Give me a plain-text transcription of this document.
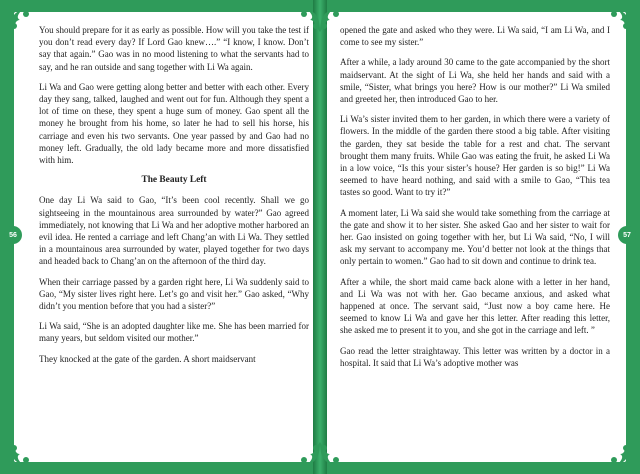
56	57

You should prepare for it as early as possible. How will you take the test if you don’t read every day? If Lord Gao knew….” “I know, I know. Don’t say that again.” Gao was in no mood listening to what the servants had to say, and he ran outside and sang together with Li Wa again.

Li Wa and Gao were getting along better and better with each other. Every day they sang, talked, laughed and went out for fun. Although they spent a lot of time on these, they spent a huge sum of money. Gao spent all the money he brought from his home, so later he had to sell his horse, his carriage and even his two servants. One year passed by and Gao had no money left. Gradually, the old lady became more and more dissatisfied with him.

The Beauty Left

One day Li Wa said to Gao, “It’s been cool recently. Shall we go sightseeing in the mountainous area surrounded by water?” Gao agreed immediately, not knowing that Li Wa and her adoptive mother harbored an evil idea. He rented a carriage and left Chang’an with Li Wa. They settled in a mountainous area surrounded by water, played together for two days and headed back to Chang’an on the afternoon of the third day.

When their carriage passed by a garden right here, Li Wa suddenly said to Gao, “My sister lives right here. Let’s go and visit her.” Gao asked, “Why didn’t you mention before that you had a sister?”

Li Wa said, “She is an adopted daughter like me. She has been married for many years, but seldom visited our mother.”

They knocked at the gate of the garden. A short maidservant

opened the gate and asked who they were. Li Wa said, “I am Li Wa, and I come to see my sister.”

After a while, a lady around 30 came to the gate accompanied by the short maidservant. At the sight of Li Wa, she held her hands and said with a smile, “Sister, what brings you here? How is our mother?” Li Wa smiled and greeted her, then introduced Gao to her.

Li Wa’s sister invited them to her garden, in which there were a variety of flowers. In the middle of the garden there stood a big table. After visiting the garden, they sat beside the table for a rest and chat. The servant brought them many fruits. While Gao was eating the fruit, he asked Li Wa in a low voice, “Is this your sister’s house? Her garden is so big!” Li Wa seemed to have heard nothing, and said with a smile to Gao, “This tea tastes so good. Want to try it?”

A moment later, Li Wa said she would take something from the carriage at the gate and show it to her sister. She asked Gao and her sister to wait for her. Gao insisted on going together with her, but Li Wa said, “No, I will ask my servant to accompany me. You’d better not look at the things that only pertain to women.” Gao had to sit down and continue to drink tea.

After a while, the short maid came back alone with a letter in her hand, and Li Wa was not with her. Gao became anxious, and asked what happened at once. The servant said, “Just now a boy came here. He seemed to know Li Wa and gave her this letter. After reading this letter, she asked me to present it to you, and she got in the carriage and left. ”

Gao read the letter straightaway. This letter was written by a doctor in a hospital. It said that Li Wa’s adoptive mother was
